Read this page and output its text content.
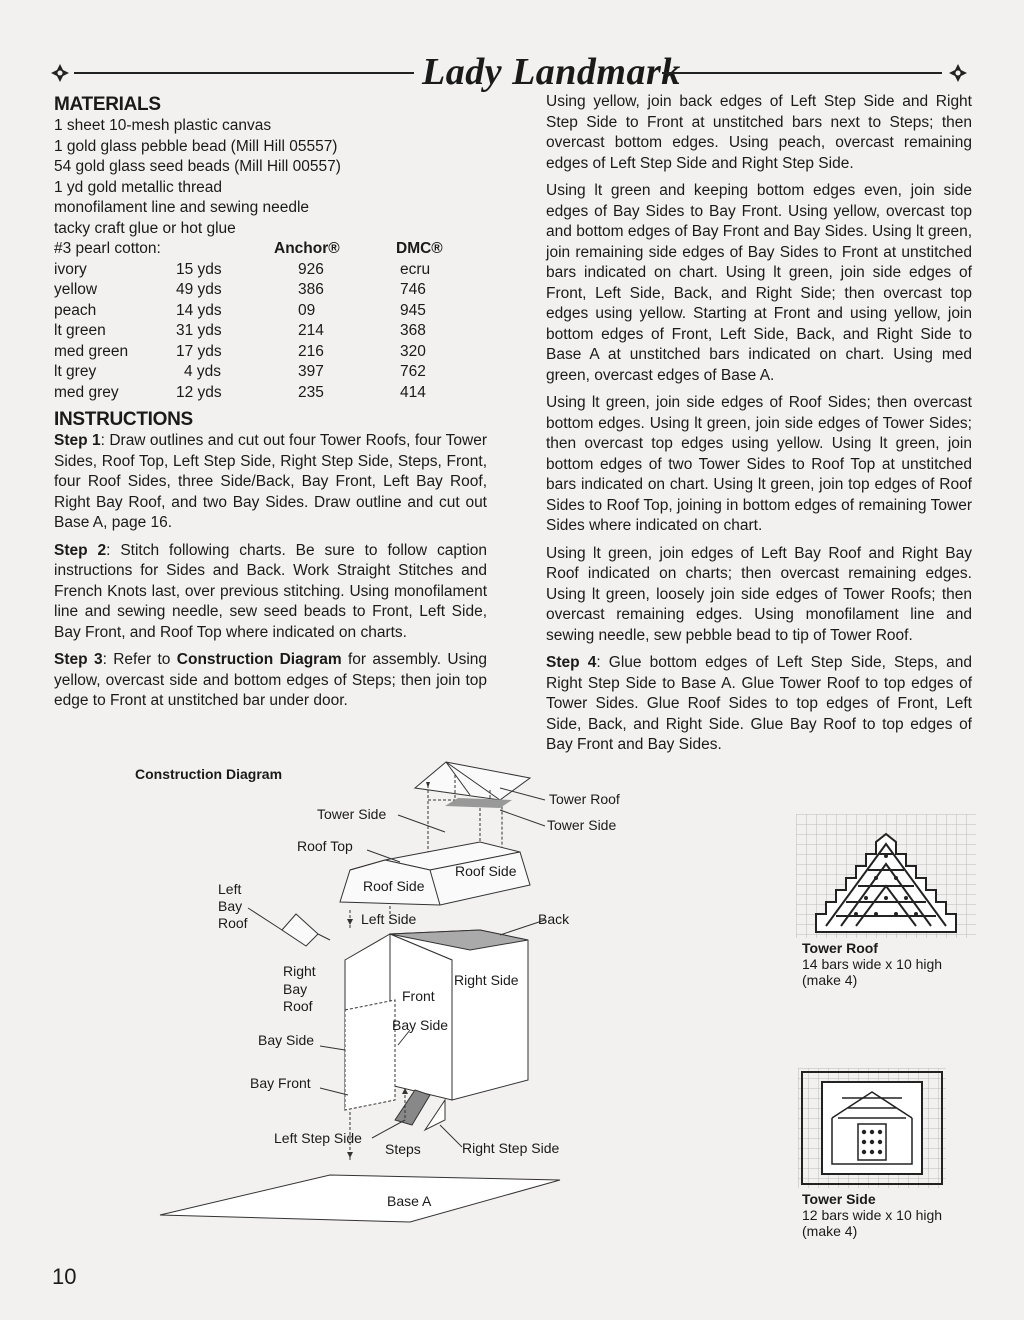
Lady Landmark
MATERIALS
1 sheet 10-mesh plastic canvas
1 gold glass pebble bead (Mill Hill 05557)
54 gold glass seed beads (Mill Hill 00557)
1 yd gold metallic thread
monofilament line and sewing needle
tacky craft glue or hot glue
#3 pearl cotton:		Anchor®	DMC®
ivory	15 yds	926	ecru
yellow	49 yds	386	746
peach	14 yds	09	945
lt green	31 yds	214	368
med green	17 yds	216	320
lt grey	4 yds	397	762
med grey	12 yds	235	414
INSTRUCTIONS

Step 1: Draw outlines and cut out four Tower Roofs, four Tower Sides, Roof Top, Left Step Side, Right Step Side, Steps, Front, four Roof Sides, three Side/Back, Bay Front, Left Bay Roof, Right Bay Roof, and two Bay Sides. Draw outline and cut out Base A, page 16.

Step 2: Stitch following charts. Be sure to follow caption instructions for Sides and Back. Work Straight Stitches and French Knots last, over previous stitching. Using monofilament line and sewing needle, sew seed beads to Front, Left Side, Bay Front, and Roof Top where indicated on charts.

Step 3: Refer to Construction Diagram for assembly. Using yellow, overcast side and bottom edges of Steps; then join top edge to Front at unstitched bar under door.

Using yellow, join back edges of Left Step Side and Right Step Side to Front at unstitched bars next to Steps; then overcast bottom edges. Using peach, overcast remaining edges of Left Step Side and Right Step Side.

Using lt green and keeping bottom edges even, join side edges of Bay Sides to Bay Front. Using yellow, overcast top and bottom edges of Bay Front and Bay Sides. Using lt green, join remaining side edges of Bay Sides to Front at unstitched bars indicated on chart. Using lt green, join side edges of Front, Left Side, Back, and Right Side; then overcast top edges using yellow. Starting at Front and using yellow, join bottom edges of Front, Left Side, Back, and Right Side to Base A at unstitched bars indicated on chart. Using med green, overcast edges of Base A.

Using lt green, join side edges of Roof Sides; then overcast bottom edges. Using lt green, join side edges of Tower Sides; then overcast top edges using yellow. Using lt green, join bottom edges of two Tower Sides to Roof Top at unstitched bars indicated on chart. Using lt green, join top edges of Roof Sides to Roof Top, joining in bottom edges of remaining Tower Sides where indicated on chart.

Using lt green, join edges of Left Bay Roof and Right Bay Roof indicated on charts; then overcast remaining edges. Using lt green, loosely join side edges of Tower Roofs; then overcast remaining edges. Using monofilament line and sewing needle, sew pebble bead to tip of Tower Roof.

Step 4: Glue bottom edges of Left Step Side, Steps, and Right Step Side to Base A. Glue Tower Roof to top edges of Tower Sides. Glue Roof Sides to top edges of Front, Left Side, Back, and Right Side. Glue Bay Roof to top edges of Bay Front and Bay Sides.

Construction Diagram
Tower Side
Tower Roof
Tower Side
Roof Top
Roof Side
Roof Side
Left
Bay
Roof	Left Side	Back
Right
Bay
Roof
Right Side
Front
Bay Side
Bay Side
Bay Front
Left Step Side
Steps	Right Step Side
Base A
Tower Roof
14 bars wide x 10 high
(make 4)
Tower Side
12 bars wide x 10 high
(make 4)
10
